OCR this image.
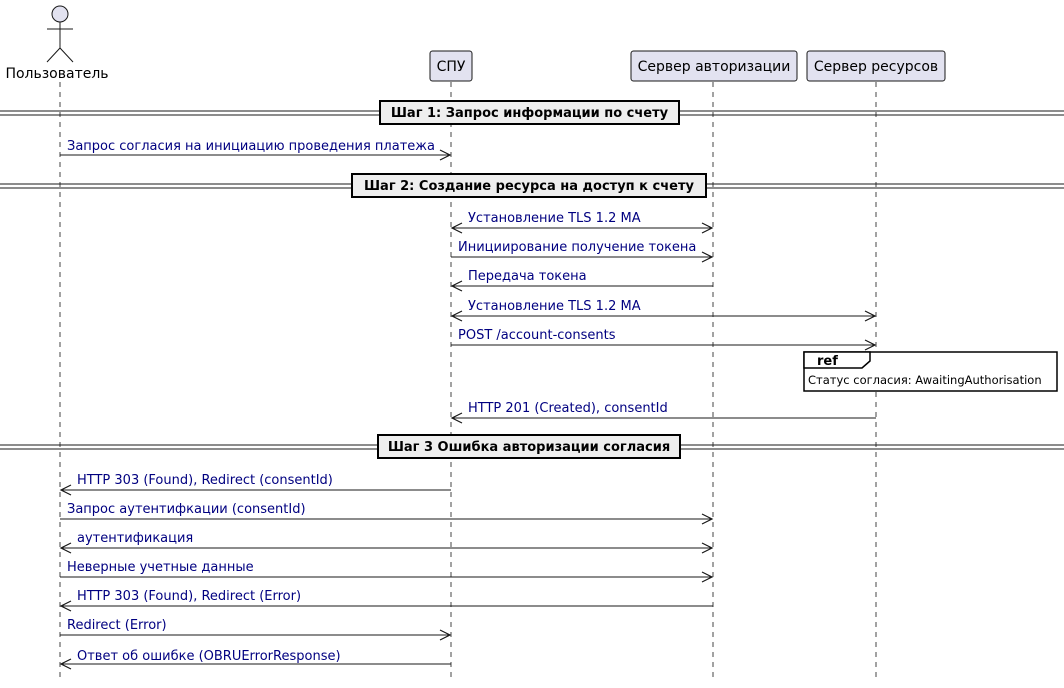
Пользователь	СПУ	Сервер авторизации Сервер ресурсов
Шаг 1: Запрос информации по счету
Шаг 2: Создание ресурса на доступ к счету
Шаг 3 Ошибка авторизации согласия
Запрос согласия на инициацию проведения платежа
Установление TLS 1.2 MA
Инициирование получение токена
Передача токена
Установление TLS 1.2 MA
POST /account-consents
ref
Статус согласия: AwaitingAuthorisation
HTTP 201 (Created), consentId
HTTP 303 (Found), Redirect (consentId)
Запрос аутентифкации (consentId)
аутентификация
Неверные учетные данные
HTTP 303 (Found), Redirect (Error)
Redirect (Error)
Ответ об ошибке (OBRUErrorResponse)
